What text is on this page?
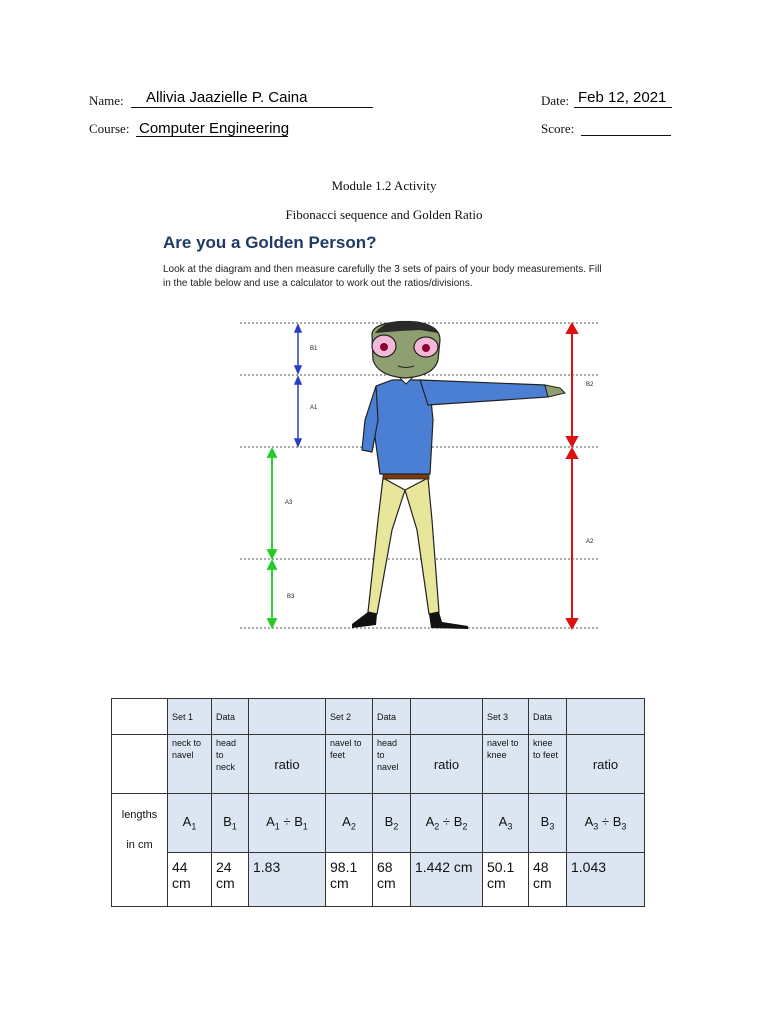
Name: Allivia Jaazielle P. Caina	Date: Feb 12, 2021
Course: Computer Engineering	Score:
Module 1.2 Activity
Fibonacci sequence and Golden Ratio
Are you a Golden Person?
Look at the diagram and then measure carefully the 3 sets of pairs of your body measurements. Fill
in the table below and use a calculator to work out the ratios/divisions.
B1
A1
A3
B3
B2
A2
	Set 1	Data		Set 2	Data		Set 3	Data	
	neck to navel	head to neck	ratio	navel to feet	head to navel	ratio	navel to knee	knee to feet	ratio

lengths
in cm	$A_1$	$B_1$	$A_1 \div B_1$	$A_2$	$B_2$	$A_2 \div B_2$	$A_3$	$B_3$	$A_3 \div B_3$
	44 cm	24 cm	1.83	98.1 cm	68 cm	1.442 cm	50.1 cm	48 cm	1.043
